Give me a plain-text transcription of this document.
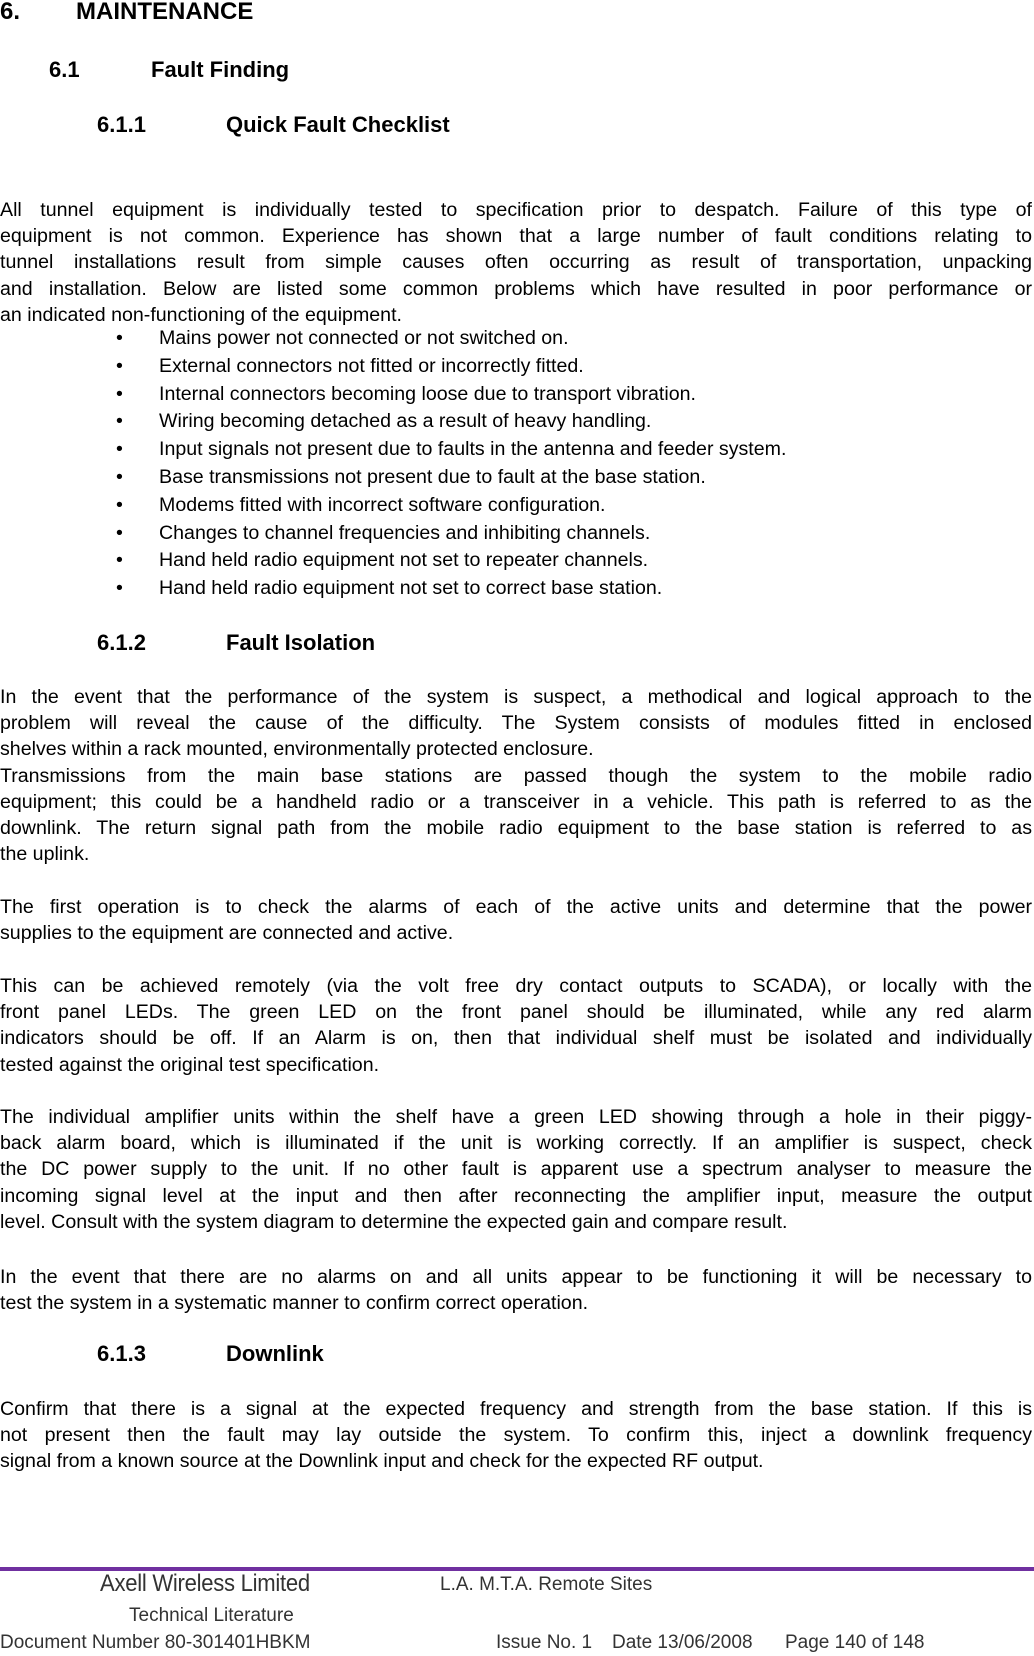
6. MAINTENANCE
6.1	Fault Finding
6.1.1	Quick Fault Checklist
All tunnel equipment is individually tested to specification prior to despatch. Failure of this type of
equipment is not common. Experience has shown that a large number of fault conditions relating to
tunnel installations result from simple causes often occurring as result of transportation, unpacking
and installation. Below are listed some common problems which have resulted in poor performance or
an indicated non-functioning of the equipment.
• Mains power not connected or not switched on.
• External connectors not fitted or incorrectly fitted.
• Internal connectors becoming loose due to transport vibration.
• Wiring becoming detached as a result of heavy handling.
• Input signals not present due to faults in the antenna and feeder system.
• Base transmissions not present due to fault at the base station.
• Modems fitted with incorrect software configuration.
• Changes to channel frequencies and inhibiting channels.
• Hand held radio equipment not set to repeater channels.
• Hand held radio equipment not set to correct base station.
6.1.2	Fault Isolation
In the event that the performance of the system is suspect, a methodical and logical approach to the
problem will reveal the cause of the difficulty. The System consists of modules fitted in enclosed
shelves within a rack mounted, environmentally protected enclosure.
Transmissions from the main base stations are passed though the system to the mobile radio
equipment; this could be a handheld radio or a transceiver in a vehicle. This path is referred to as the
downlink. The return signal path from the mobile radio equipment to the base station is referred to as
the uplink.
The first operation is to check the alarms of each of the active units and determine that the power
supplies to the equipment are connected and active.
This can be achieved remotely (via the volt free dry contact outputs to SCADA), or locally with the
front panel LEDs. The green LED on the front panel should be illuminated, while any red alarm
indicators should be off. If an Alarm is on, then that individual shelf must be isolated and individually
tested against the original test specification.
The individual amplifier units within the shelf have a green LED showing through a hole in their piggy-
back alarm board, which is illuminated if the unit is working correctly. If an amplifier is suspect, check
the DC power supply to the unit. If no other fault is apparent use a spectrum analyser to measure the
incoming signal level at the input and then after reconnecting the amplifier input, measure the output
level. Consult with the system diagram to determine the expected gain and compare result.
In the event that there are no alarms on and all units appear to be functioning it will be necessary to
test the system in a systematic manner to confirm correct operation.
6.1.3	Downlink
Confirm that there is a signal at the expected frequency and strength from the base station. If this is
not present then the fault may lay outside the system. To confirm this, inject a downlink frequency
signal from a known source at the Downlink input and check for the expected RF output.
Axell Wireless Limited	L.A. M.T.A. Remote Sites
Technical Literature
Document Number 80-301401HBKM	Issue No. 1 Date 13/06/2008 Page 140 of 148
